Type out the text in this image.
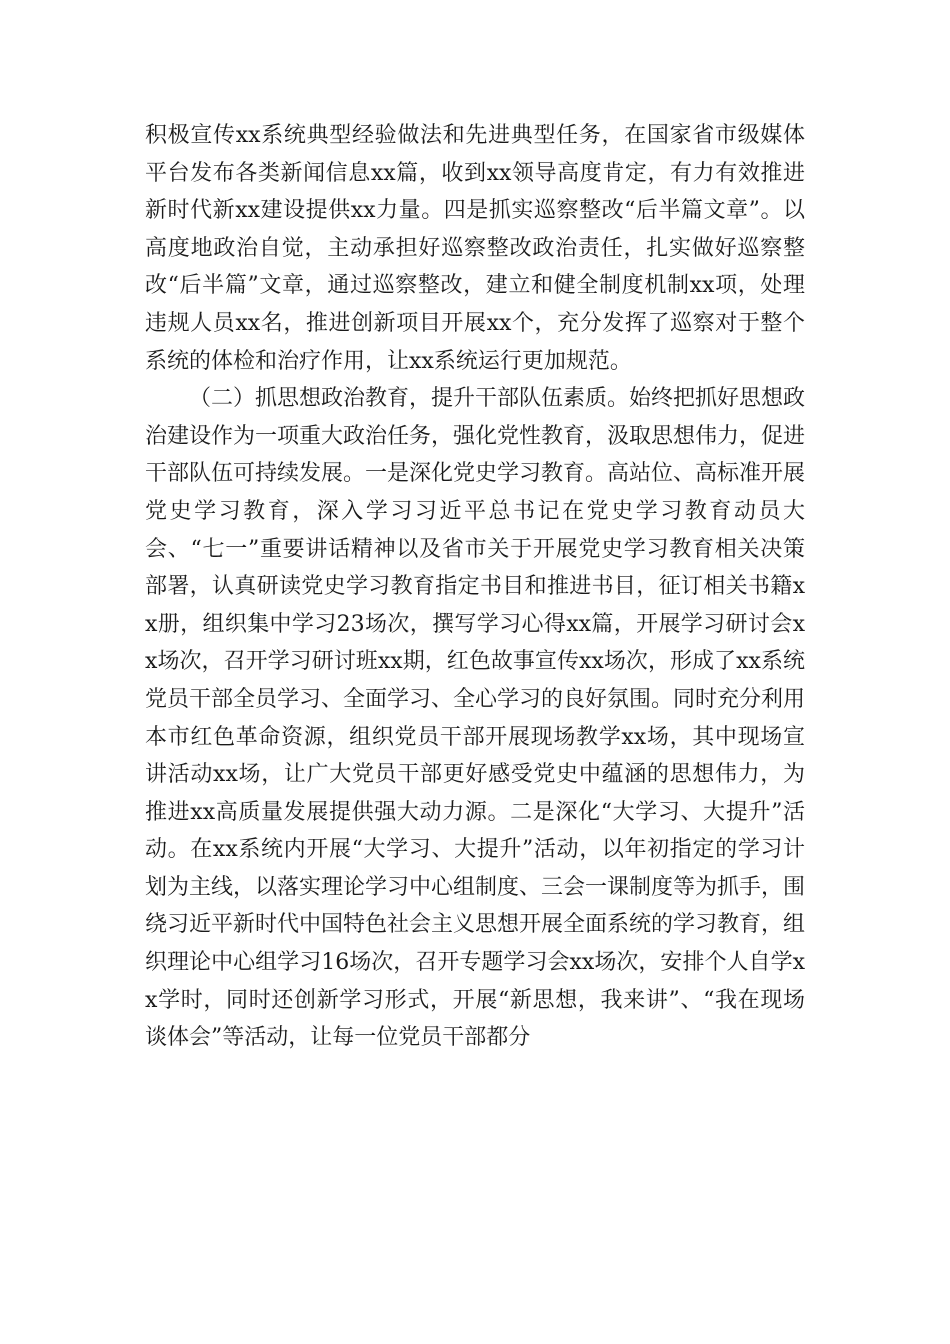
积极宣传xx系统典型经验做法和先进典型任务，在国家省市级媒体平台发布各类新闻信息xx篇，收到xx领导高度肯定，有力有效推进新时代新xx建设提供xx力量。四是抓实巡察整改“后半篇文章”。以高度地政治自觉，主动承担好巡察整改政治责任，扎实做好巡察整改“后半篇”文章，通过巡察整改，建立和健全制度机制xx项，处理违规人员xx名，推进创新项目开展xx个，充分发挥了巡察对于整个系统的体检和治疗作用，让xx系统运行更加规范。

（二）抓思想政治教育，提升干部队伍素质。始终把抓好思想政治建设作为一项重大政治任务，强化党性教育，汲取思想伟力，促进干部队伍可持续发展。一是深化党史学习教育。高站位、高标准开展党史学习教育，深入学习习近平总书记在党史学习教育动员大会、“七一”重要讲话精神以及省市关于开展党史学习教育相关决策部署，认真研读党史学习教育指定书目和推进书目，征订相关书籍xx册，组织集中学习23场次，撰写学习心得xx篇，开展学习研讨会xx场次，召开学习研讨班xx期，红色故事宣传xx场次，形成了xx系统党员干部全员学习、全面学习、全心学习的良好氛围。同时充分利用本市红色革命资源，组织党员干部开展现场教学xx场，其中现场宣讲活动xx场，让广大党员干部更好感受党史中蕴涵的思想伟力，为推进xx高质量发展提供强大动力源。二是深化“大学习、大提升”活动。在xx系统内开展“大学习、大提升”活动，以年初指定的学习计划为主线，以落实理论学习中心组制度、三会一课制度等为抓手，围绕习近平新时代中国特色社会主义思想开展全面系统的学习教育，组织理论中心组学习16场次，召开专题学习会xx场次，安排个人自学xx学时，同时还创新学习形式，开展“新思想，我来讲”、“我在现场谈体会”等活动，让每一位党员干部都分
